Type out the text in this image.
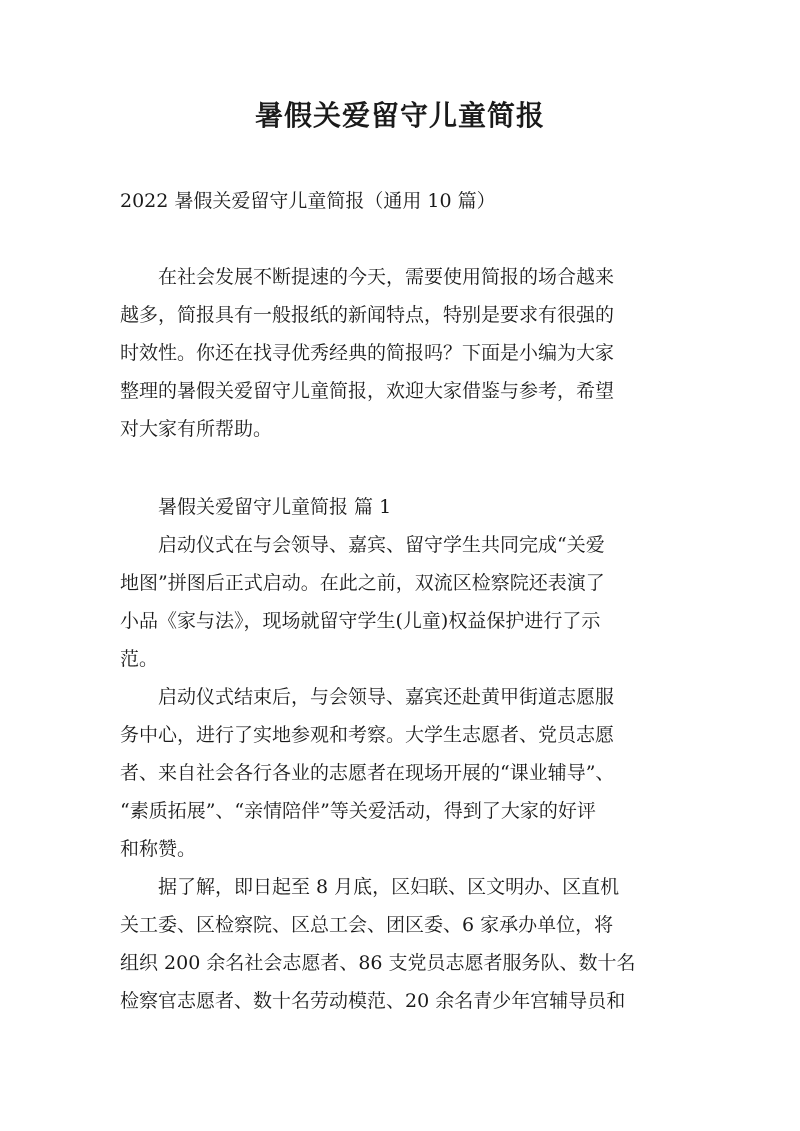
暑假关爱留守儿童简报

2022 暑假关爱留守儿童简报（通用 10 篇）

　　在社会发展不断提速的今天，需要使用简报的场合越来
越多，简报具有一般报纸的新闻特点，特别是要求有很强的
时效性。你还在找寻优秀经典的简报吗？下面是小编为大家
整理的暑假关爱留守儿童简报，欢迎大家借鉴与参考，希望
对大家有所帮助。
　　暑假关爱留守儿童简报 篇 1
　　启动仪式在与会领导、嘉宾、留守学生共同完成“关爱
地图”拼图后正式启动。在此之前，双流区检察院还表演了
小品《家与法》，现场就留守学生(儿童)权益保护进行了示
范。
　　启动仪式结束后，与会领导、嘉宾还赴黄甲街道志愿服
务中心，进行了实地参观和考察。大学生志愿者、党员志愿
者、来自社会各行各业的志愿者在现场开展的“课业辅导”、
“素质拓展”、“亲情陪伴”等关爱活动，得到了大家的好评
和称赞。
　　据了解，即日起至 8 月底，区妇联、区文明办、区直机
关工委、区检察院、区总工会、团区委、6 家承办单位，将
组织 200 余名社会志愿者、86 支党员志愿者服务队、数十名
检察官志愿者、数十名劳动模范、20 余名青少年宫辅导员和
